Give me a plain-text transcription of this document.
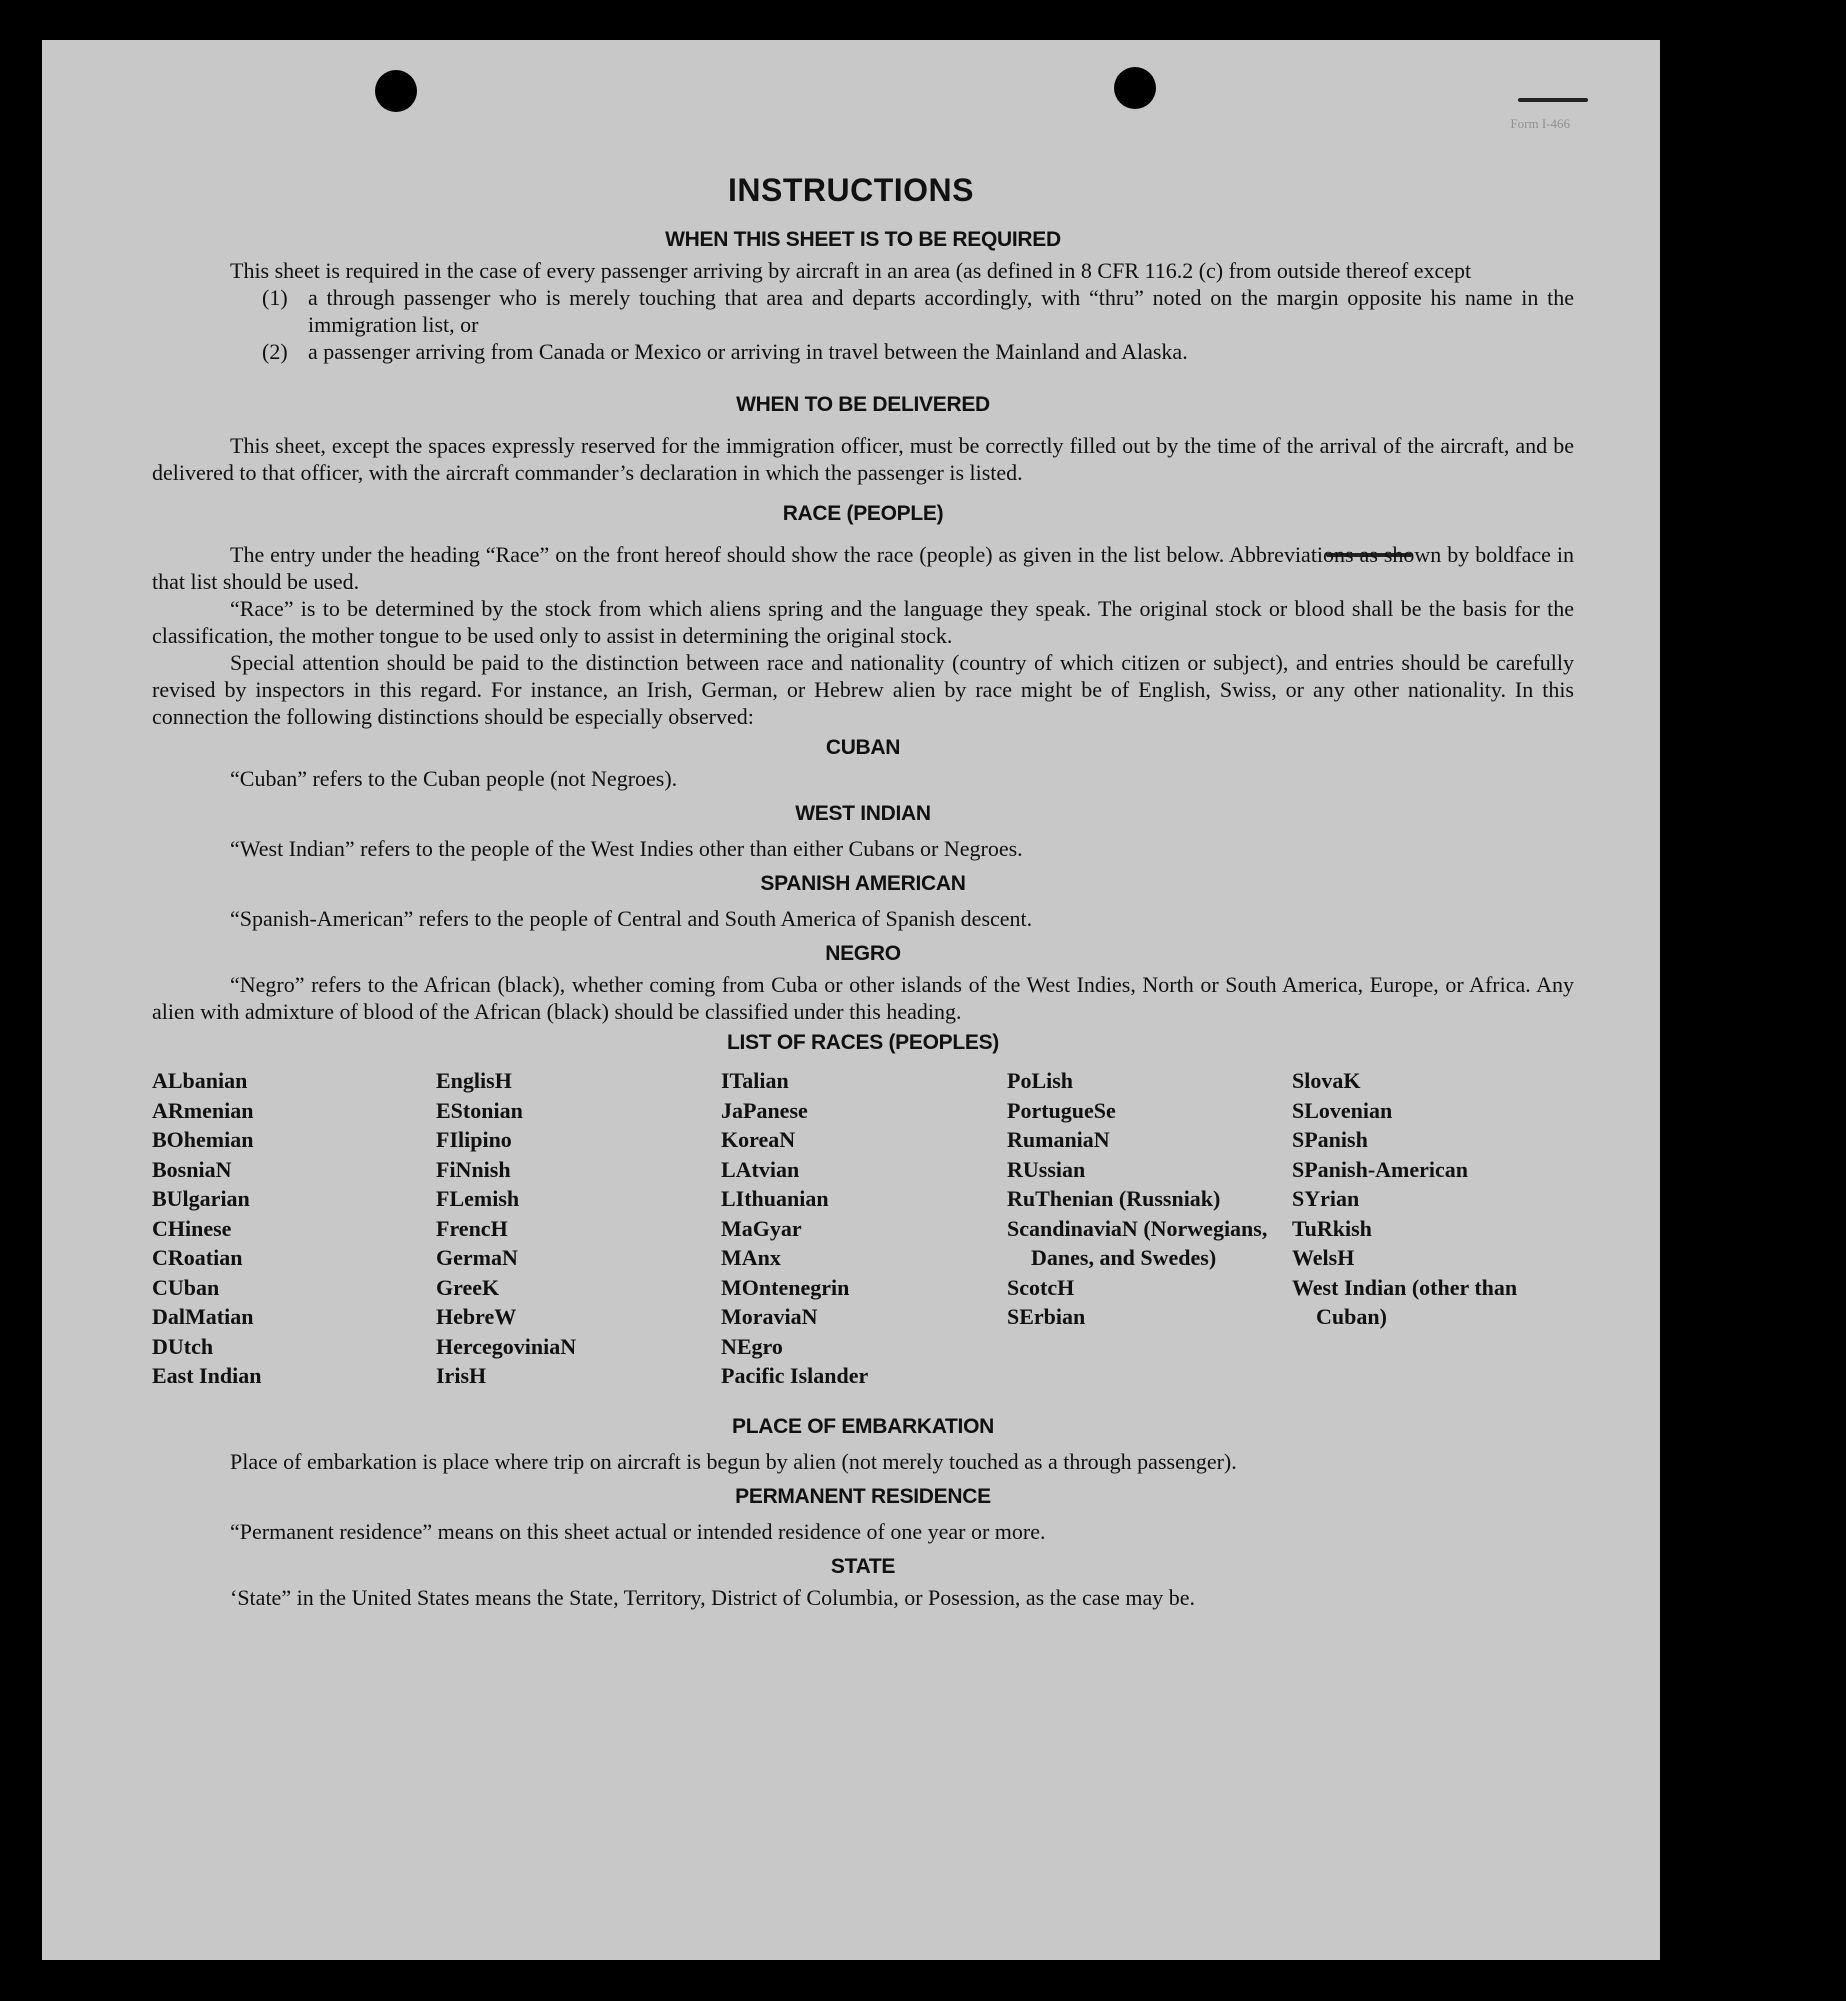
Form I-466
INSTRUCTIONS
WHEN THIS SHEET IS TO BE REQUIRED

This sheet is required in the case of every passenger arriving by aircraft in an area (as defined in 8 CFR 116.2 (c) from outside thereof except

(1) a through passenger who is merely touching that area and departs accordingly, with “thru” noted on the margin opposite his name in the immigration list, or
(2) a passenger arriving from Canada or Mexico or arriving in travel between the Mainland and Alaska.
WHEN TO BE DELIVERED

This sheet, except the spaces expressly reserved for the immigration officer, must be correctly filled out by the time of the arrival of the aircraft, and be delivered to that officer, with the aircraft commander’s declaration in which the passenger is listed.

RACE (PEOPLE)

The entry under the heading “Race” on the front hereof should show the race (people) as given in the list below. Abbreviations as shown by boldface in that list should be used.

“Race” is to be determined by the stock from which aliens spring and the language they speak. The original stock or blood shall be the basis for the classification, the mother tongue to be used only to assist in determining the original stock.

Special attention should be paid to the distinction between race and nationality (country of which citizen or subject), and entries should be carefully revised by inspectors in this regard. For instance, an Irish, German, or Hebrew alien by race might be of English, Swiss, or any other nationality. In this connection the following distinctions should be especially observed:

CUBAN

“Cuban” refers to the Cuban people (not Negroes).

WEST INDIAN

“West Indian” refers to the people of the West Indies other than either Cubans or Negroes.

SPANISH AMERICAN

“Spanish-American” refers to the people of Central and South America of Spanish descent.

NEGRO

“Negro” refers to the African (black), whether coming from Cuba or other islands of the West Indies, North or South America, Europe, or Africa. Any alien with admixture of blood of the African (black) should be classified under this heading.

LIST OF RACES (PEOPLES)
ALbanian
ARmenian
BOhemian
BosniaN
BUlgarian
CHinese
CRoatian
CUban
DalMatian
DUtch
East Indian
EnglisH
EStonian
FIlipino
FiNnish
FLemish
FrencH
GermaN
GreeK
HebreW
HercegovinіaN
IrisH
ITalian
JaPanese
KoreaN
LAtvian
LIthuanian
MaGyar
MAnx
MOntenegrin
MoraviaN
NEgro
Pacific Islander
PoLish
PortugueSe
RumaniaN
RUssian
RuThenian (Russniak)
ScandinaviaN (Norwegians, Danes, and Swedes)
ScotcH
SErbian
SlovaK
SLovenian
SPanish
SPanish-American
SYrian
TuRkish
WelsH
West Indian (other than Cuban)
PLACE OF EMBARKATION

Place of embarkation is place where trip on aircraft is begun by alien (not merely touched as a through passenger).

PERMANENT RESIDENCE

“Permanent residence” means on this sheet actual or intended residence of one year or more.

STATE

‘State” in the United States means the State, Territory, District of Columbia, or Posession, as the case may be.
